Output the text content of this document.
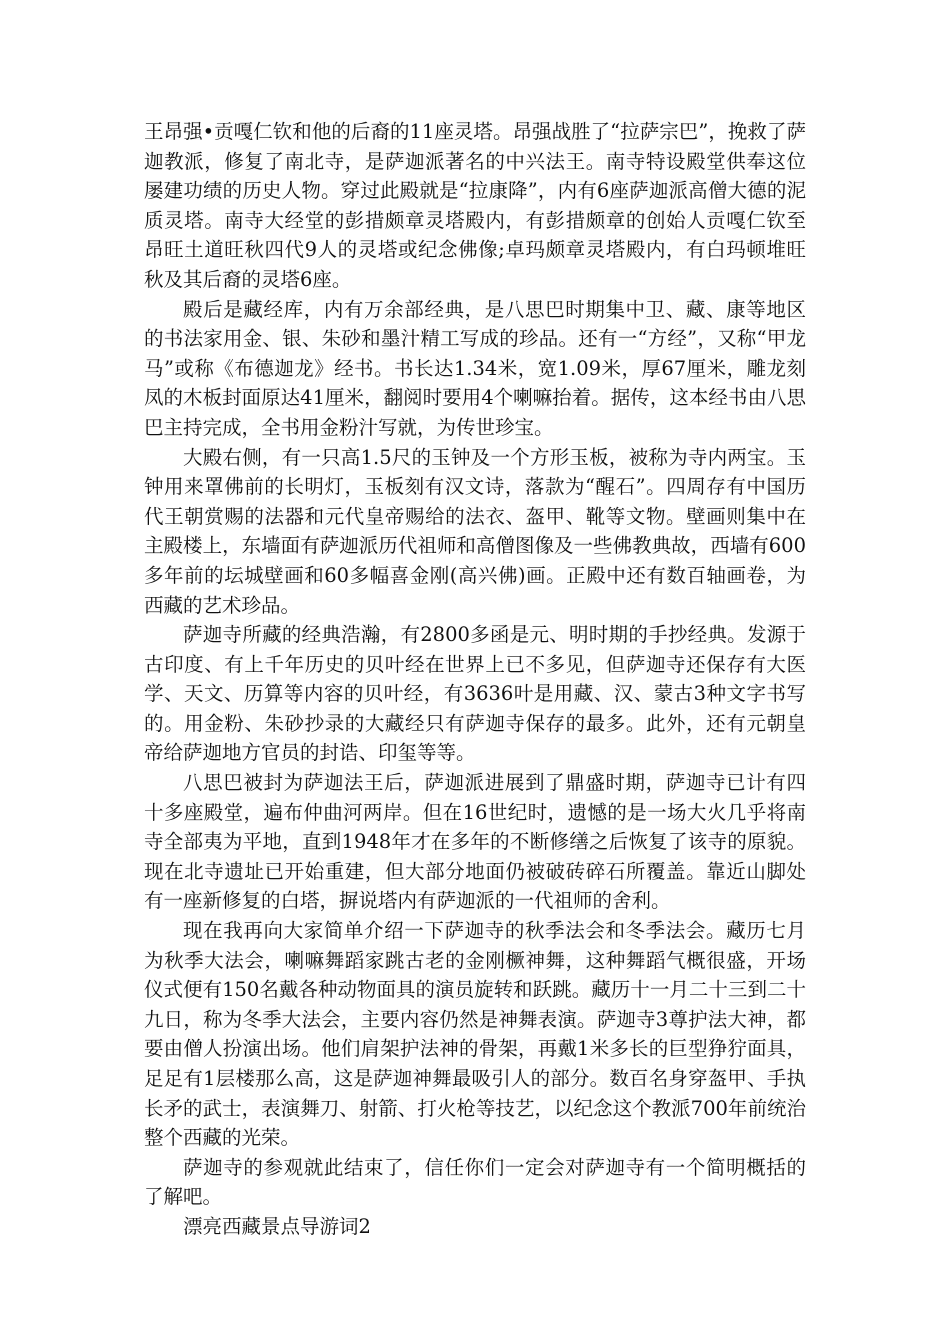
王昂强•贡嘎仁钦和他的后裔的11座灵塔。昂强战胜了“拉萨宗巴”，挽救了萨迦教派，修复了南北寺，是萨迦派著名的中兴法王。南寺特设殿堂供奉这位屡建功绩的历史人物。穿过此殿就是“拉康降”，内有6座萨迦派高僧大德的泥质灵塔。南寺大经堂的彭措颇章灵塔殿内，有彭措颇章的创始人贡嘎仁钦至昂旺土道旺秋四代9人的灵塔或纪念佛像;卓玛颇章灵塔殿内，有白玛顿堆旺秋及其后裔的灵塔6座。

殿后是藏经库，内有万余部经典，是八思巴时期集中卫、藏、康等地区的书法家用金、银、朱砂和墨汁精工写成的珍品。还有一“方经”，又称“甲龙马”或称《布德迦龙》经书。书长达1.34米，宽1.09米，厚67厘米，雕龙刻凤的木板封面原达41厘米，翻阅时要用4个喇嘛抬着。据传，这本经书由八思巴主持完成，全书用金粉汁写就，为传世珍宝。

大殿右侧，有一只高1.5尺的玉钟及一个方形玉板，被称为寺内两宝。玉钟用来罩佛前的长明灯，玉板刻有汉文诗，落款为“醒石”。四周存有中国历代王朝赏赐的法器和元代皇帝赐给的法衣、盔甲、靴等文物。壁画则集中在主殿楼上，东墙面有萨迦派历代祖师和高僧图像及一些佛教典故，西墙有600多年前的坛城壁画和60多幅喜金刚(高兴佛)画。正殿中还有数百轴画卷，为西藏的艺术珍品。

萨迦寺所藏的经典浩瀚，有2800多函是元、明时期的手抄经典。发源于古印度、有上千年历史的贝叶经在世界上已不多见，但萨迦寺还保存有大医学、天文、历算等内容的贝叶经，有3636叶是用藏、汉、蒙古3种文字书写的。用金粉、朱砂抄录的大藏经只有萨迦寺保存的最多。此外，还有元朝皇帝给萨迦地方官员的封诰、印玺等等。

八思巴被封为萨迦法王后，萨迦派进展到了鼎盛时期，萨迦寺已计有四十多座殿堂，遍布仲曲河两岸。但在16世纪时，遗憾的是一场大火几乎将南寺全部夷为平地，直到1948年才在多年的不断修缮之后恢复了该寺的原貌。现在北寺遗址已开始重建，但大部分地面仍被破砖碎石所覆盖。靠近山脚处有一座新修复的白塔，摒说塔内有萨迦派的一代祖师的舍利。

现在我再向大家简单介绍一下萨迦寺的秋季法会和冬季法会。藏历七月为秋季大法会，喇嘛舞蹈家跳古老的金刚橛神舞，这种舞蹈气概很盛，开场仪式便有150名戴各种动物面具的演员旋转和跃跳。藏历十一月二十三到二十九日，称为冬季大法会，主要内容仍然是神舞表演。萨迦寺3尊护法大神，都要由僧人扮演出场。他们肩架护法神的骨架，再戴1米多长的巨型狰狞面具，足足有1层楼那么高，这是萨迦神舞最吸引人的部分。数百名身穿盔甲、手执长矛的武士，表演舞刀、射箭、打火枪等技艺，以纪念这个教派700年前统治整个西藏的光荣。

萨迦寺的参观就此结束了，信任你们一定会对萨迦寺有一个简明概括的了解吧。

漂亮西藏景点导游词2
